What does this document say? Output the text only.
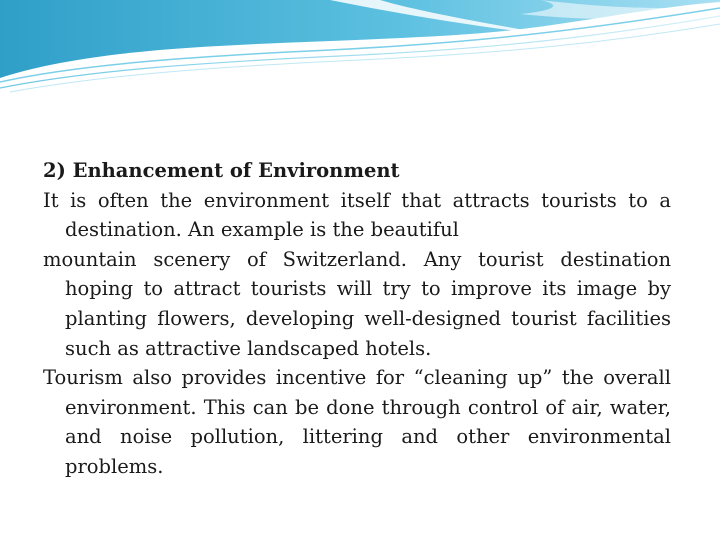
2) Enhancement of Environment

It is often the environment itself that attracts tourists to a destination. An example is the beautiful

mountain scenery of Switzerland. Any tourist destination hoping to attract tourists will try to improve its image by planting flowers, developing well-designed tourist facilities such as attractive landscaped hotels.

Tourism also provides incentive for “cleaning up” the overall environment. This can be done through control of air, water, and noise pollution, littering and other environmental problems.
